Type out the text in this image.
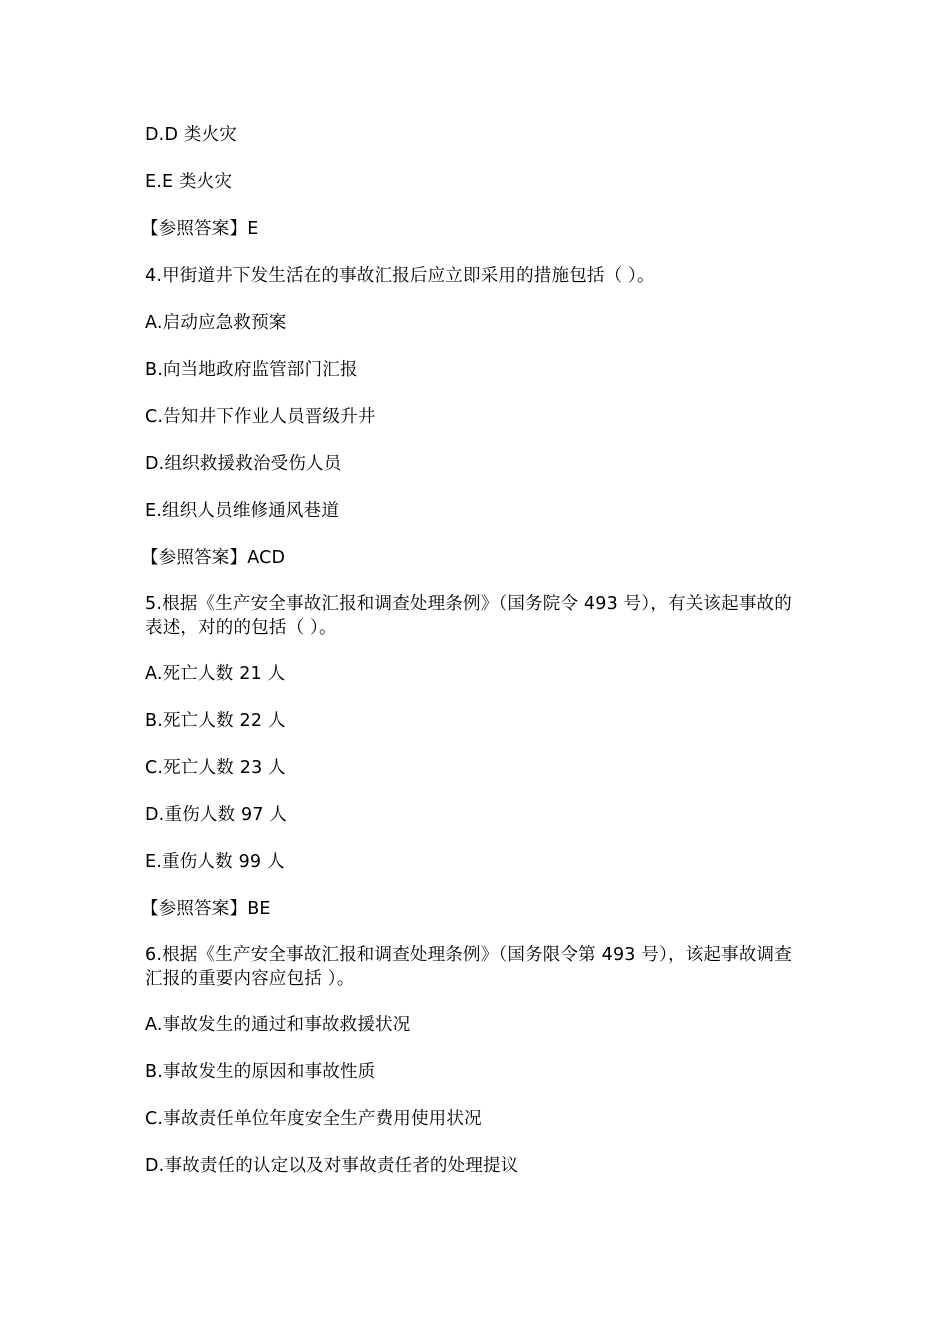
D.D 类火灾

E.E 类火灾

【参照答案】E

4.甲街道井下发生活在的事故汇报后应立即采用的措施包括（ ）。

A.启动应急救预案

B.向当地政府监管部门汇报

C.告知井下作业人员晋级升井

D.组织救援救治受伤人员

E.组织人员维修通风巷道

【参照答案】ACD

5.根据《生产安全事故汇报和调查处理条例》（国务院令 493 号），有关该起事故的表述，对的的包括（ ）。

A.死亡人数 21 人

B.死亡人数 22 人

C.死亡人数 23 人

D.重伤人数 97 人

E.重伤人数 99 人

【参照答案】BE

6.根据《生产安全事故汇报和调查处理条例》（国务限令第 493 号），该起事故调查汇报的重要内容应包括 ）。

A.事故发生的通过和事故救援状况

B.事故发生的原因和事故性质

C.事故责任单位年度安全生产费用使用状况

D.事故责任的认定以及对事故责任者的处理提议
